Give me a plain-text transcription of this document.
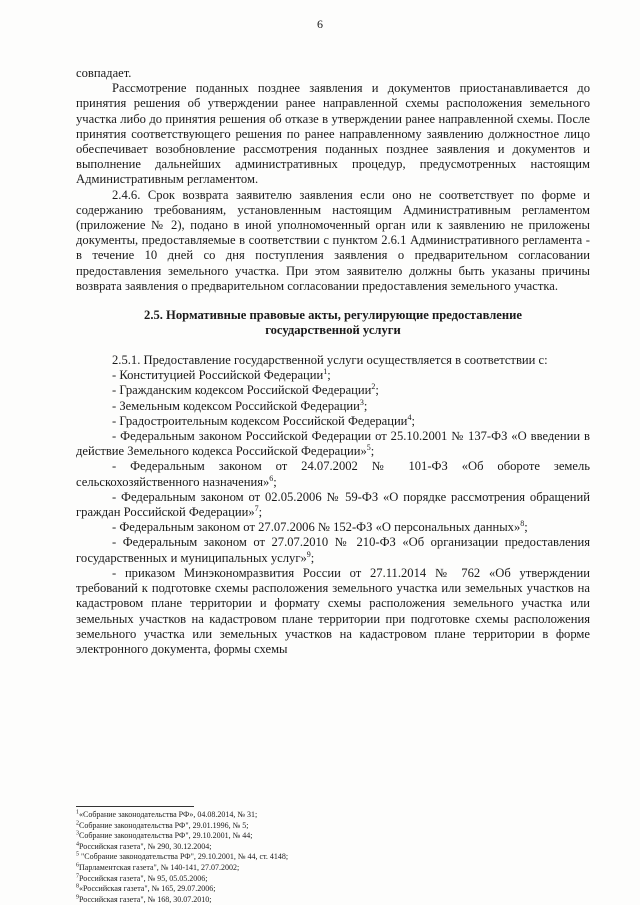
6

совпадает.

Рассмотрение поданных позднее заявления и документов приостанавливается до принятия решения об утверждении ранее направленной схемы расположения земельного участка либо до принятия решения об отказе в утверждении ранее направленной схемы. После принятия соответствующего решения по ранее направленному заявлению должностное лицо обеспечивает возобновление рассмотрения поданных позднее заявления и документов и выполнение дальнейших административных процедур, предусмотренных настоящим Административным регламентом.

2.4.6. Срок возврата заявителю заявления если оно не соответствует по форме и содержанию требованиям, установленным настоящим Административным регламентом (приложение № 2), подано в иной уполномоченный орган или к заявлению не приложены документы, предоставляемые в соответствии с пунктом 2.6.1 Административного регламента - в течение 10 дней со дня поступления заявления о предварительном согласовании предоставления земельного участка. При этом заявителю должны быть указаны причины возврата заявления о предварительном согласовании предоставления земельного участка.

2.5. Нормативные правовые акты, регулирующие предоставление
государственной услуги

2.5.1. Предоставление государственной услуги осуществляется в соответствии с:

- Конституцией Российской Федерации$^1$;

- Гражданским кодексом Российской Федерации$^2$;

- Земельным кодексом Российской Федерации$^3$;

- Градостроительным кодексом Российской Федерации$^4$;

- Федеральным законом Российской Федерации от 25.10.2001 № 137-ФЗ «О введении в действие Земельного кодекса Российской Федерации»$^5$;

- Федеральным законом от 24.07.2002 № 101-ФЗ «Об обороте земель сельскохозяйственного назначения»$^6$;

- Федеральным законом от 02.05.2006 № 59-ФЗ «О порядке рассмотрения обращений граждан Российской Федерации»$^7$;

- Федеральным законом от 27.07.2006 № 152-ФЗ «О персональных данных»$^8$;

- Федеральным законом от 27.07.2010 № 210-ФЗ «Об организации предоставления государственных и муниципальных услуг»$^9$;

- приказом Минэкономразвития России от 27.11.2014 № 762 «Об утверждении требований к подготовке схемы расположения земельного участка или земельных участков на кадастровом плане территории и формату схемы расположения земельного участка или земельных участков на кадастровом плане территории при подготовке схемы расположения земельного участка или земельных участков на кадастровом плане территории в форме электронного документа, формы схемы

$^1$«Собрание законодательства РФ», 04.08.2014, № 31;
$^2$Собрание законодательства РФ", 29.01.1996, № 5;
$^3$Собрание законодательства РФ", 29.10.2001, № 44;
$^4$Российская газета", № 290, 30.12.2004;
$^5$ "Собрание законодательства РФ", 29.10.2001, № 44, ст. 4148;
$^6$Парламентская газета", № 140-141, 27.07.2002;
$^7$Российская газета", № 95, 05.05.2006;
$^8$«Российская газета", № 165, 29.07.2006;
$^9$Российская газета", № 168, 30.07.2010;
